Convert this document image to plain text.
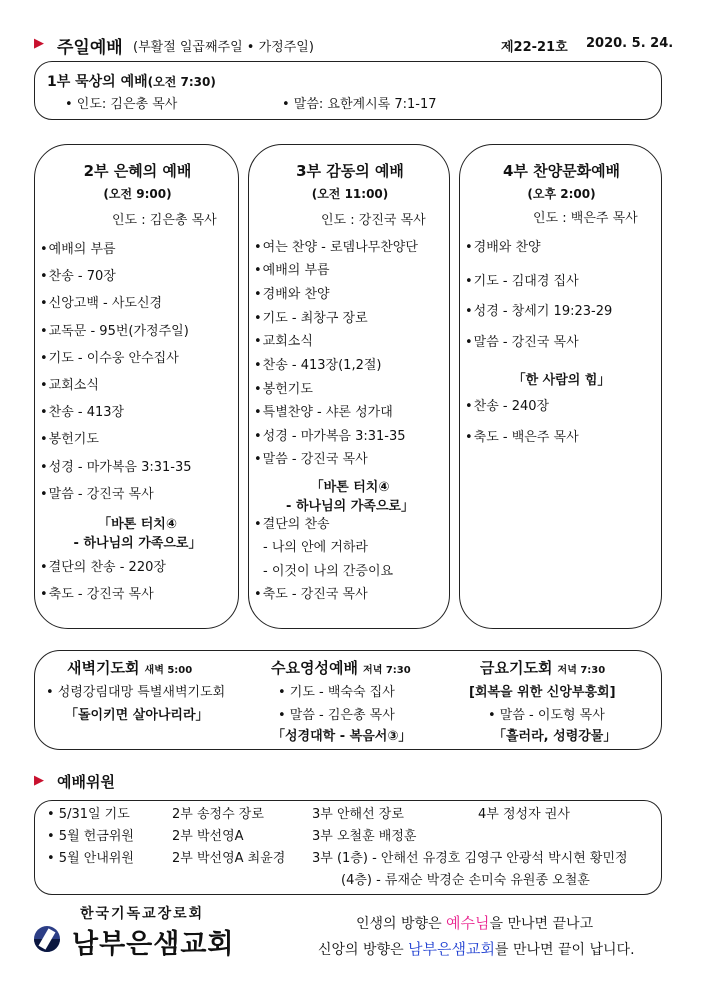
▶ 주일예배 (부활절 일곱째주일 • 가정주일)	제22-21호 2020. 5. 24.
1부 묵상의 예배(오전 7:30)
• 인도: 김은총 목사	• 말씀: 요한계시록 7:1-17
2부 은혜의 예배
(오전 9:00)
인도 : 김은총 목사
• 예배의 부름
• 찬송 - 70장
• 신앙고백 - 사도신경
• 교독문 - 95번(가정주일)
• 기도 - 이수웅 안수집사
• 교회소식
• 찬송 - 413장
• 봉헌기도
• 성경 - 마가복음 3:31-35
• 말씀 - 강진국 목사
「바톤 터치④
- 하나님의 가족으로」
• 결단의 찬송 - 220장
• 축도 - 강진국 목사
3부 감동의 예배
(오전 11:00)
인도 : 강진국 목사
• 여는 찬양 - 로뎀나무찬양단
• 예배의 부름
• 경배와 찬양
• 기도 - 최창구 장로
• 교회소식
• 찬송 - 413장(1,2절)
• 봉헌기도
• 특별찬양 - 샤론 성가대
• 성경 - 마가복음 3:31-35
• 말씀 - 강진국 목사
「바톤 터치④
- 하나님의 가족으로」
• 결단의 찬송
- 나의 안에 거하라
- 이것이 나의 간증이요
• 축도 - 강진국 목사
4부 찬양문화예배
(오후 2:00)
인도 : 백은주 목사
• 경배와 찬양
• 기도 - 김대경 집사
• 성경 - 창세기 19:23-29
• 말씀 - 강진국 목사
「한 사람의 힘」
• 찬송 - 240장
• 축도 - 백은주 목사
새벽기도회 새벽 5:00
• 성령강림대망 특별새벽기도회
「돌이키면 살아나리라」
수요영성예배 저녁 7:30
• 기도 - 백숙숙 집사
• 말씀 - 김은총 목사
「성경대학 - 복음서③」
금요기도회 저녁 7:30
[회복을 위한 신앙부흥회]
• 말씀 - 이도형 목사
「흘러라, 성령강물」
▶ 예배위원
• 5/31일 기도	2부 송정수 장로	3부 안해선 장로	4부 정성자 권사
• 5월 헌금위원	2부 박선영A	3부 오철훈 배정훈
• 5월 안내위원	2부 박선영A 최윤경 3부 (1층) - 안해선 유경호 김영구 안광석 박시현 황민정
(4층) - 류재순 박경순 손미숙 유원종 오철훈
한국기독교장로회
남부은샘교회
인생의 방향은 예수님을 만나면 끝나고
신앙의 방향은 남부은샘교회를 만나면 끝이 납니다.
